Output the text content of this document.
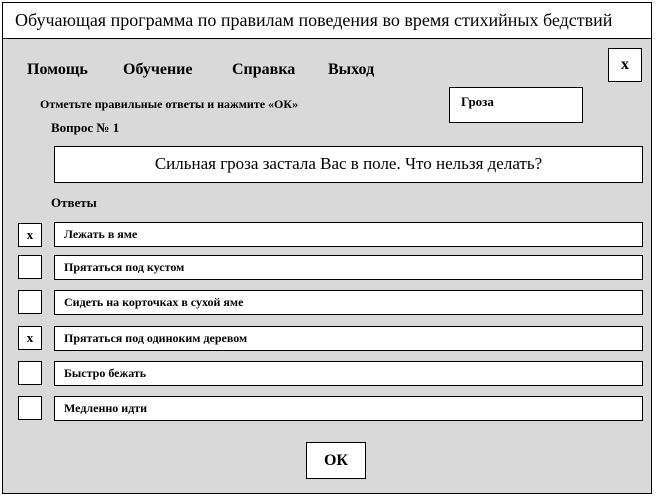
Обучающая программа по правилам поведения во время стихийных бедствий
x
Помощь Обучение Справка Выход
Отметьте правильные ответы и нажмите «ОК»	Гроза
Вопрос № 1
Сильная гроза застала Вас в поле. Что нельзя делать?
Ответы
x	Лежать в яме
Прятаться под кустом
Сидеть на корточках в сухой яме
x	Прятаться под одиноким деревом
Быстро бежать
Медленно идти
ОК
